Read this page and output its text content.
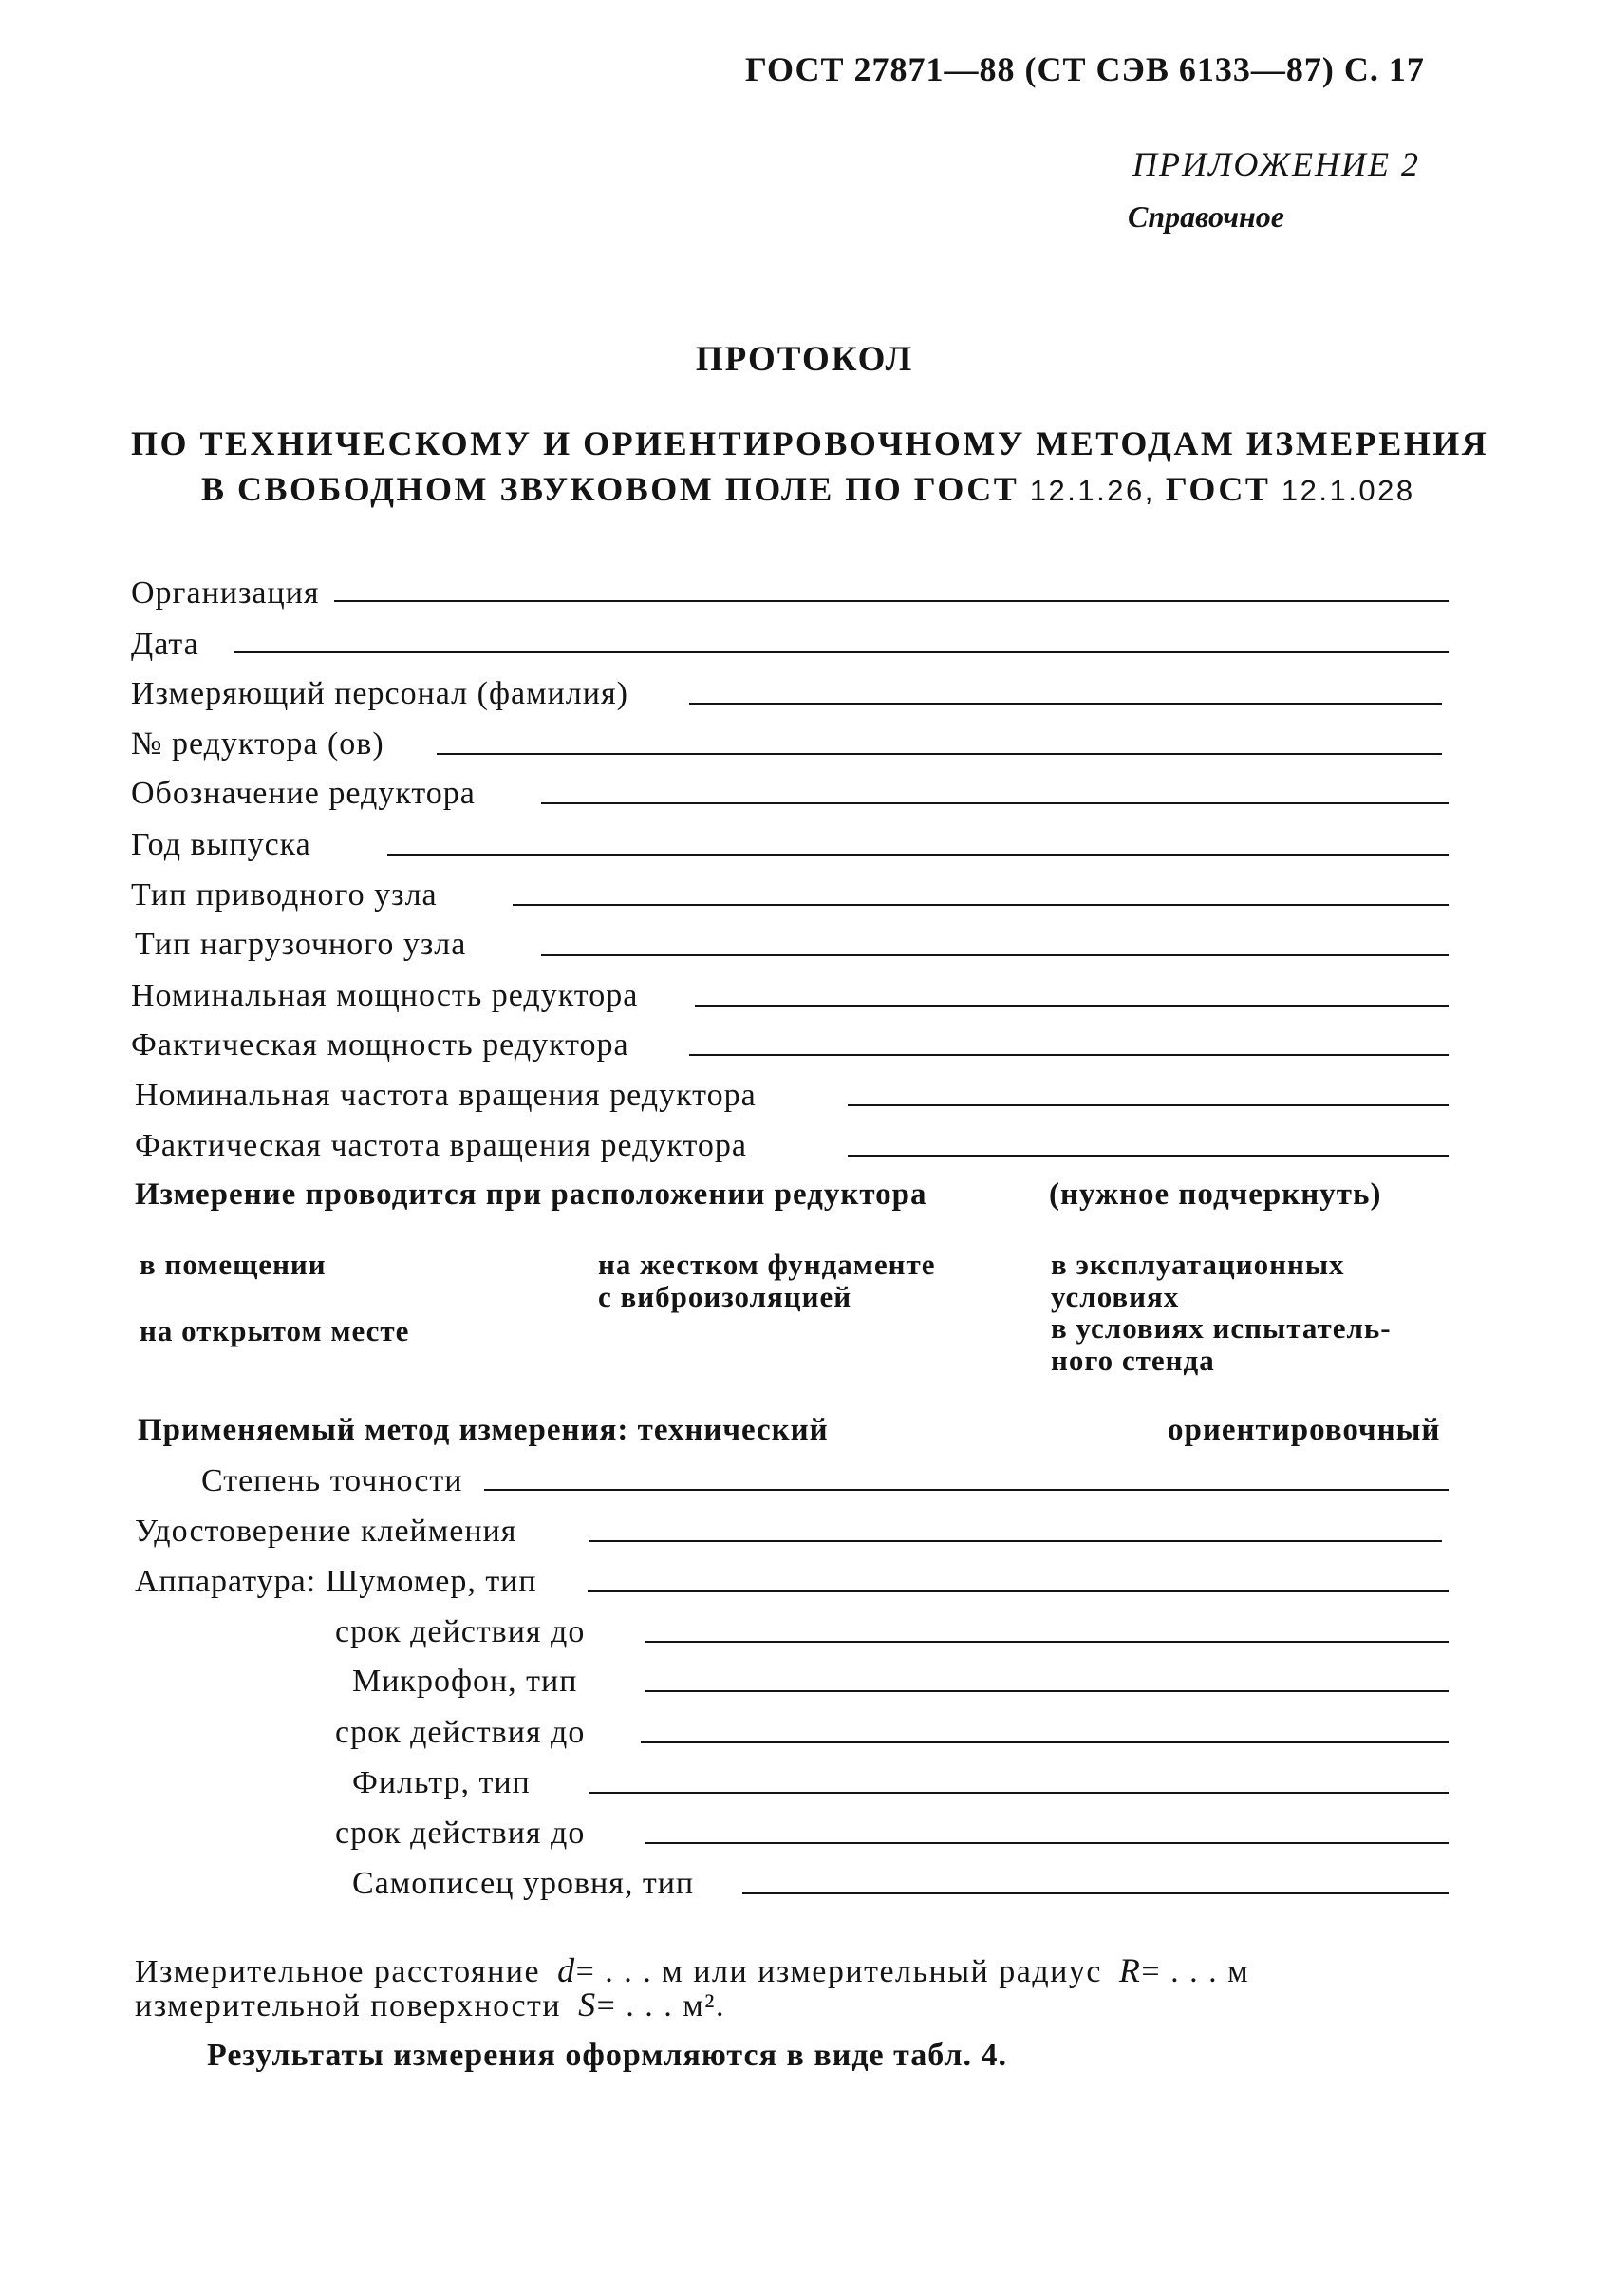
ГОСТ 27871—88 (СТ СЭВ 6133—87) С. 17
ПРИЛОЖЕНИЕ 2
Справочное
ПРОТОКОЛ
ПО ТЕХНИЧЕСКОМУ И ОРИЕНТИРОВОЧНОМУ МЕТОДАМ ИЗМЕРЕНИЯ
В СВОБОДНОМ ЗВУКОВОМ ПОЛЕ ПО ГОСТ 12.1.26, ГОСТ 12.1.028
Организация
Дата
Измеряющий персонал (фамилия)
№ редуктора (ов)
Обозначение редуктора
Год выпуска
Тип приводного узла
Тип нагрузочного узла
Номинальная мощность редуктора
Фактическая мощность редуктора
Номинальная частота вращения редуктора
Фактическая частота вращения редуктора
Измерение проводится при расположении редуктора	(нужное подчеркнуть)
в помещении
на открытом месте
на жестком фундаменте
с виброизоляцией
в эксплуатационных
условиях
в условиях испытатель-
ного стенда
Применяемый метод измерения: технический	ориентировочный
Степень точности
Удостоверение клеймения
Аппаратура: Шумомер, тип
срок действия до
Микрофон, тип
срок действия до
Фильтр, тип
срок действия до
Самописец уровня, тип
Измерительное расстояние d= . . . м или измерительный радиус R= . . . м
измерительной поверхности S= . . . м².
Результаты измерения оформляются в виде табл. 4.
